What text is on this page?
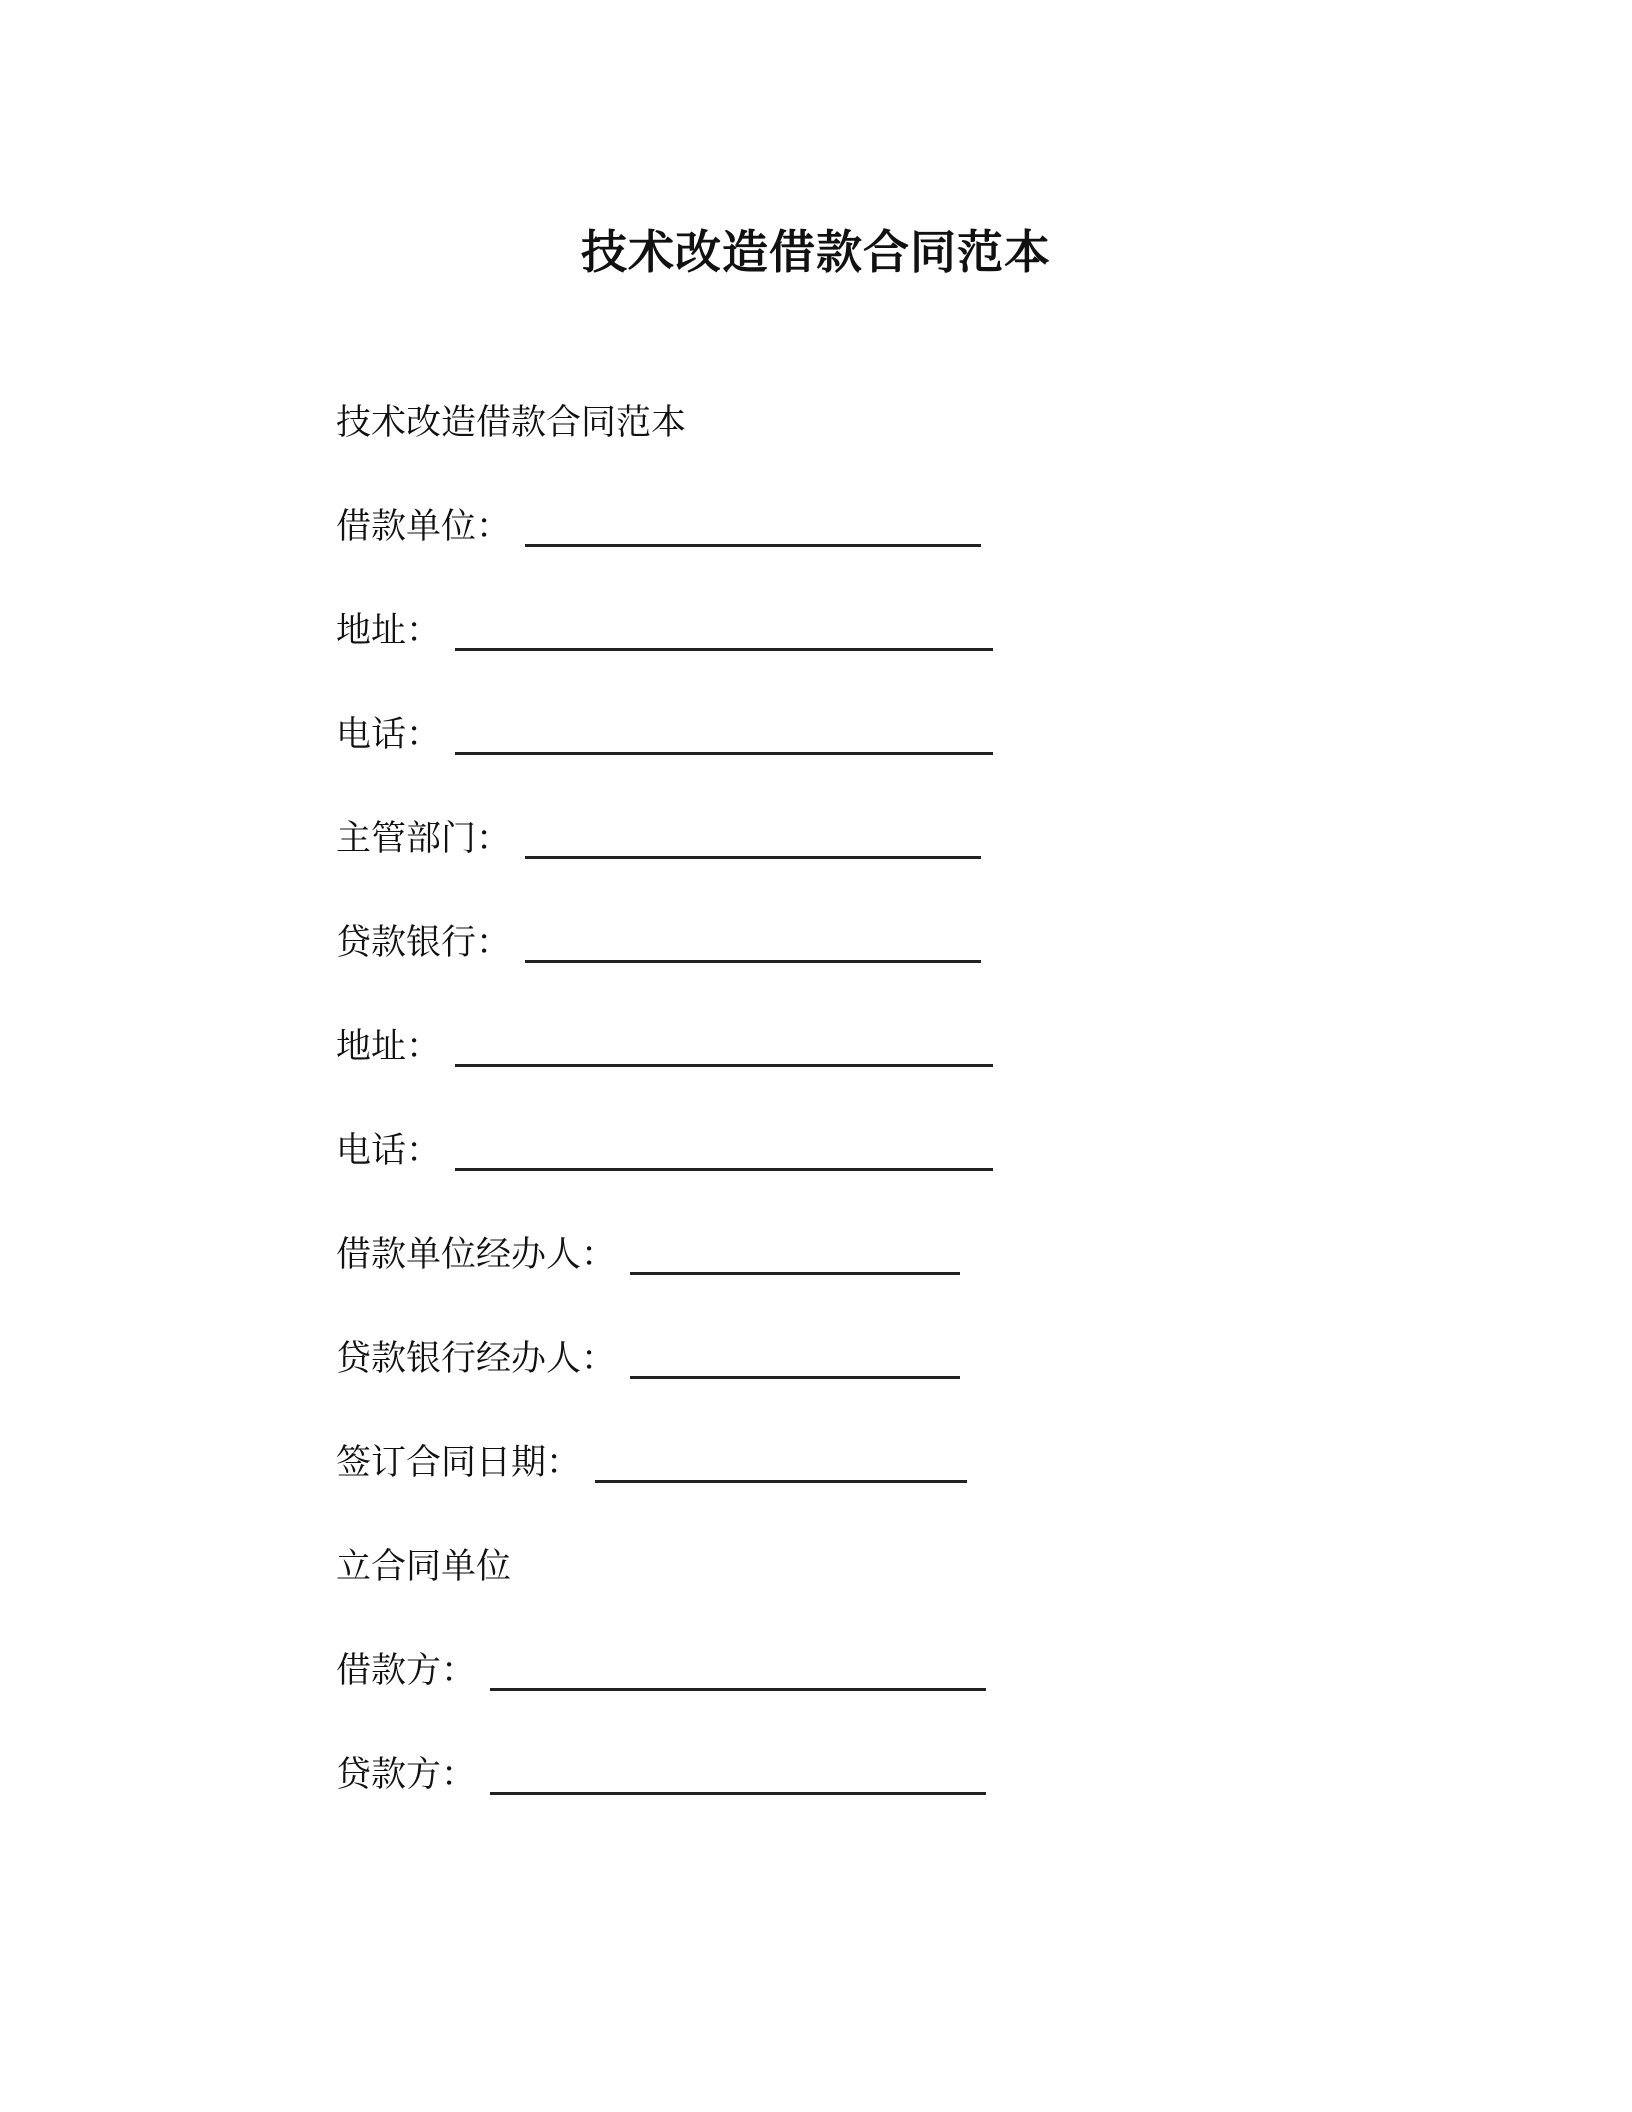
技术改造借款合同范本
技术改造借款合同范本
借款单位：
地址：
电话：
主管部门：
贷款银行：
地址：
电话：
借款单位经办人：
贷款银行经办人：
签订合同日期：
立合同单位
借款方：
贷款方：
